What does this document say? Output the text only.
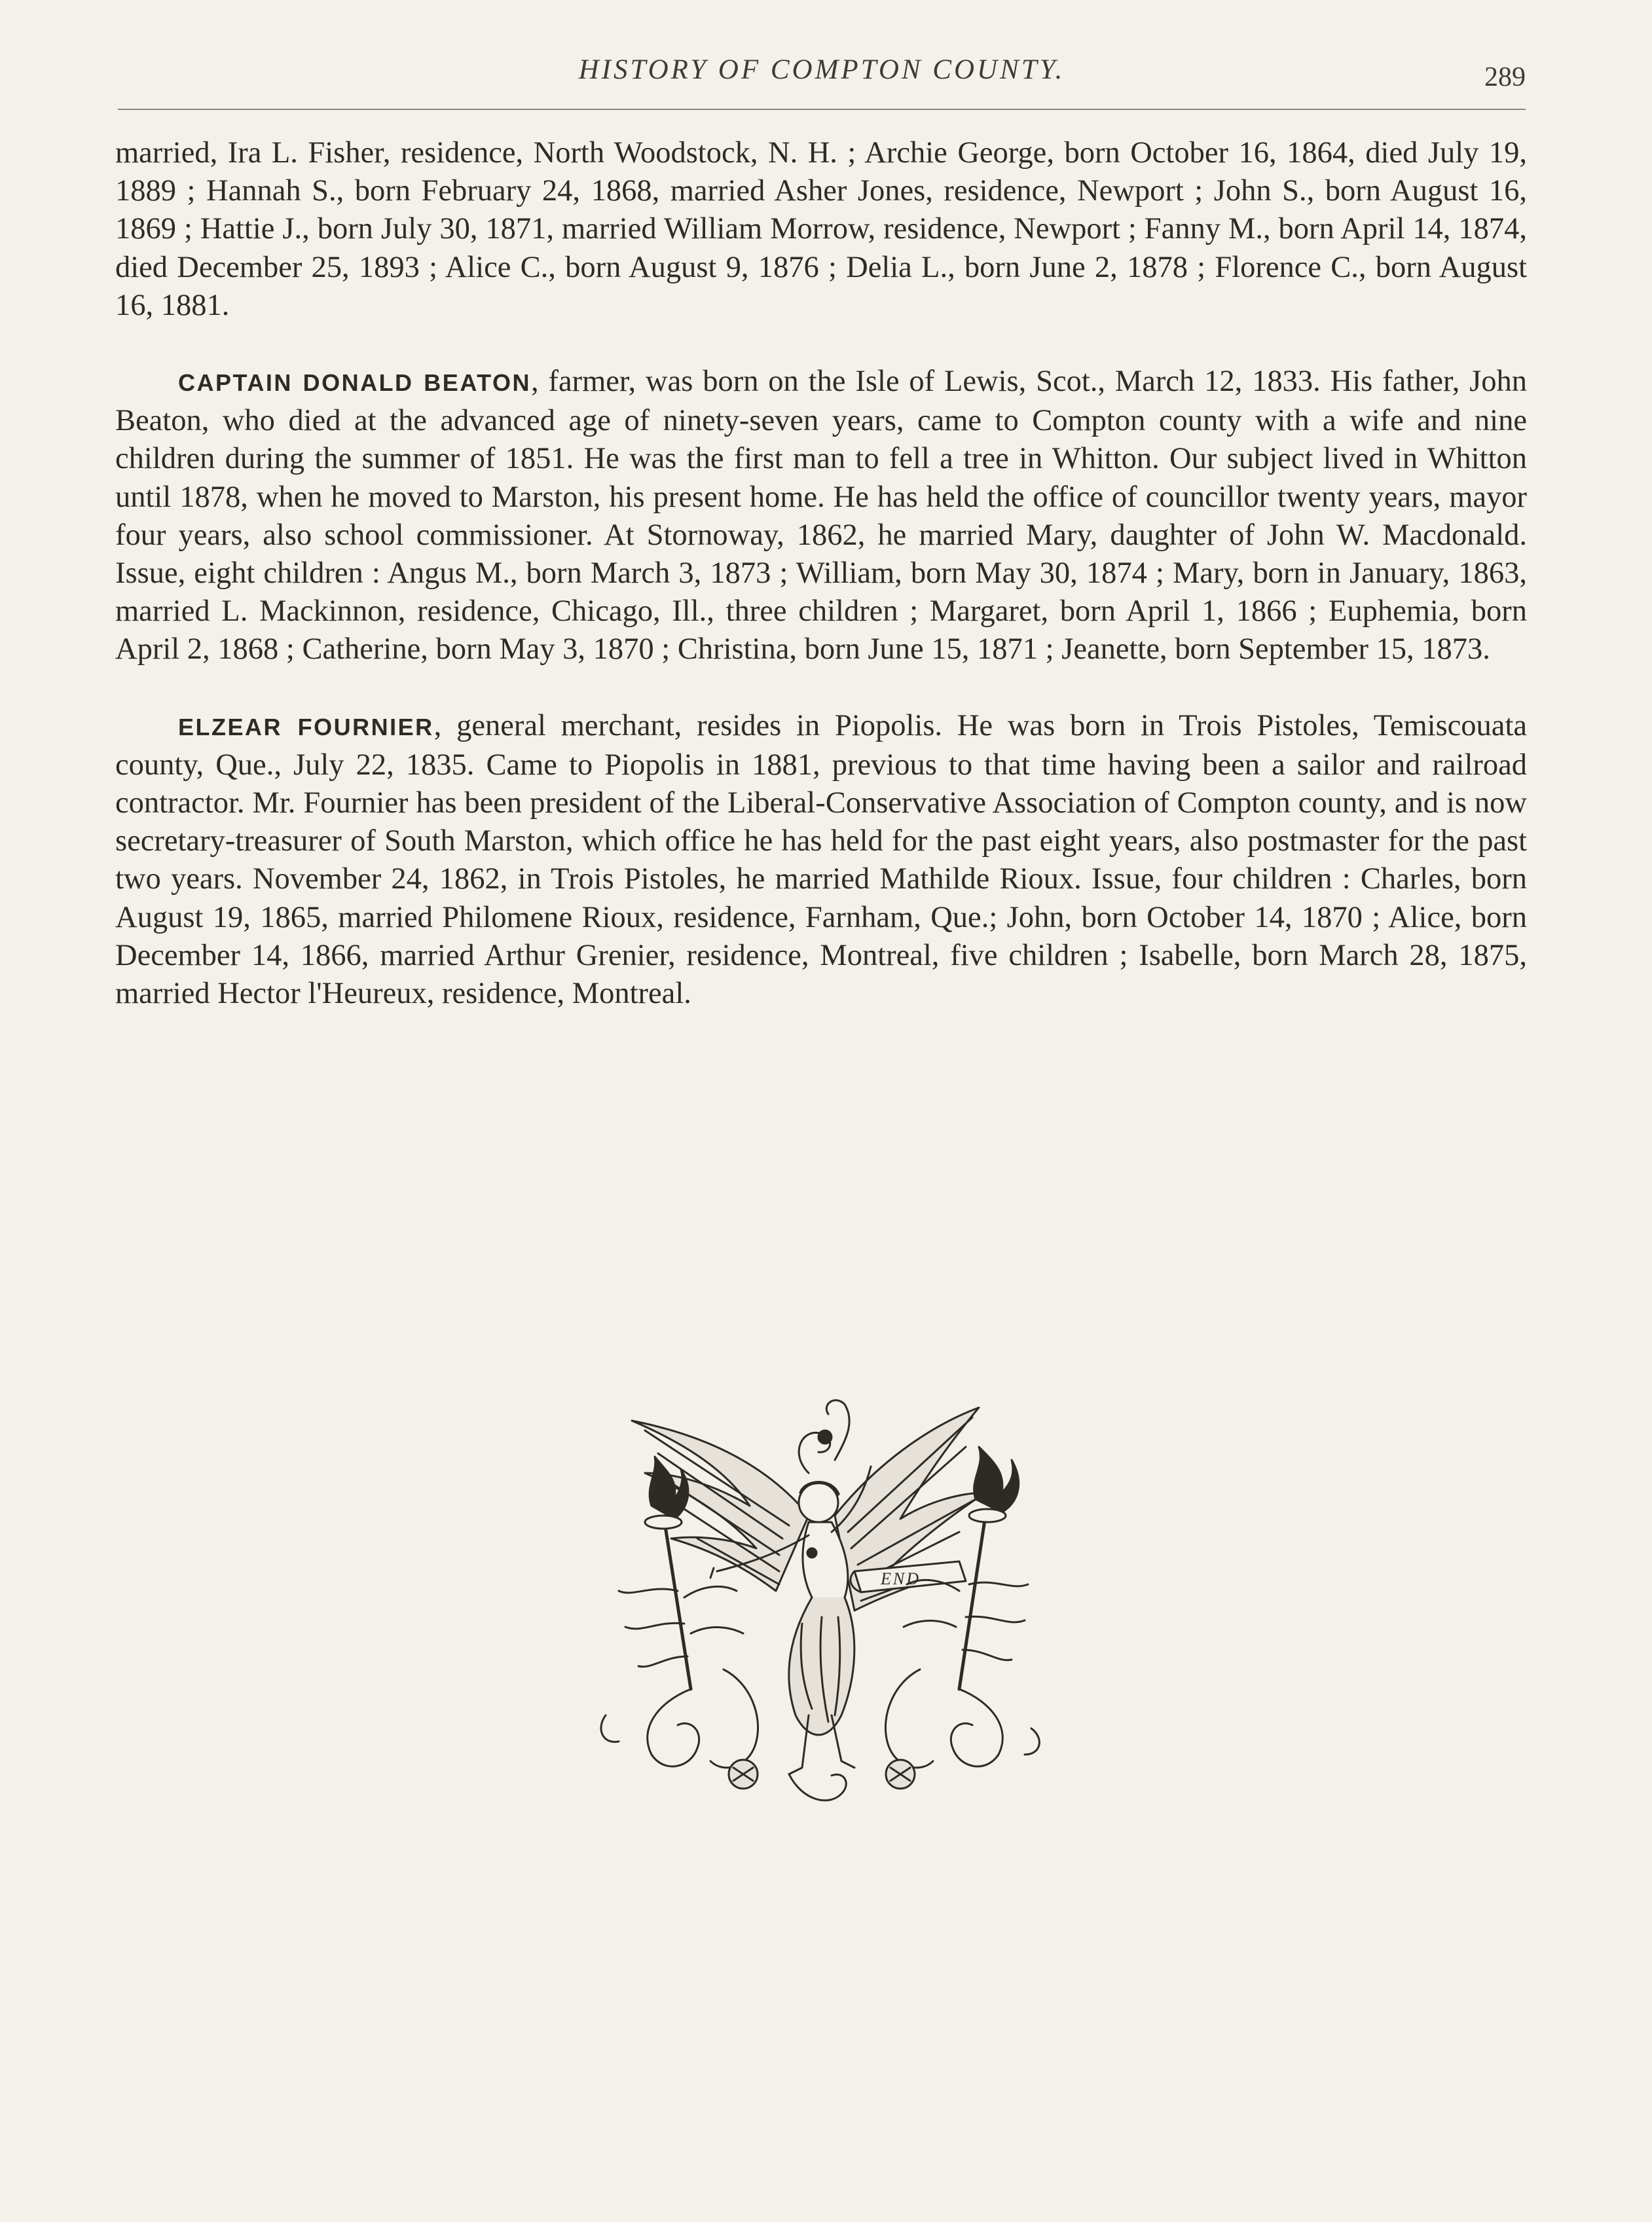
HISTORY OF COMPTON COUNTY.	289

married, Ira L. Fisher, residence, North Woodstock, N. H. ; Archie George, born October 16, 1864, died July 19, 1889 ; Hannah S., born February 24, 1868, married Asher Jones, residence, Newport ; John S., born August 16, 1869 ; Hattie J., born July 30, 1871, married William Morrow, residence, Newport ; Fanny M., born April 14, 1874, died December 25, 1893 ; Alice C., born August 9, 1876 ; Delia L., born June 2, 1878 ; Florence C., born August 16, 1881.

CAPTAIN DONALD BEATON, farmer, was born on the Isle of Lewis, Scot., March 12, 1833. His father, John Beaton, who died at the advanced age of ninety-seven years, came to Compton county with a wife and nine children during the summer of 1851. He was the first man to fell a tree in Whitton. Our subject lived in Whitton until 1878, when he moved to Marston, his present home. He has held the office of councillor twenty years, mayor four years, also school commissioner. At Stornoway, 1862, he married Mary, daughter of John W. Macdonald. Issue, eight children : Angus M., born March 3, 1873 ; William, born May 30, 1874 ; Mary, born in January, 1863, married L. Mackinnon, residence, Chicago, Ill., three children ; Margaret, born April 1, 1866 ; Euphemia, born April 2, 1868 ; Catherine, born May 3, 1870 ; Christina, born June 15, 1871 ; Jeanette, born September 15, 1873.

ELZEAR FOURNIER, general merchant, resides in Piopolis. He was born in Trois Pistoles, Temiscouata county, Que., July 22, 1835. Came to Piopolis in 1881, previous to that time having been a sailor and railroad contractor. Mr. Fournier has been president of the Liberal-Conservative Association of Compton county, and is now secretary-treasurer of South Marston, which office he has held for the past eight years, also postmaster for the past two years. November 24, 1862, in Trois Pistoles, he married Mathilde Rioux. Issue, four children : Charles, born August 19, 1865, married Philomene Rioux, residence, Farnham, Que.; John, born October 14, 1870 ; Alice, born December 14, 1866, married Arthur Grenier, residence, Montreal, five children ; Isabelle, born March 28, 1875, married Hector l'Heureux, residence, Montreal.

END
